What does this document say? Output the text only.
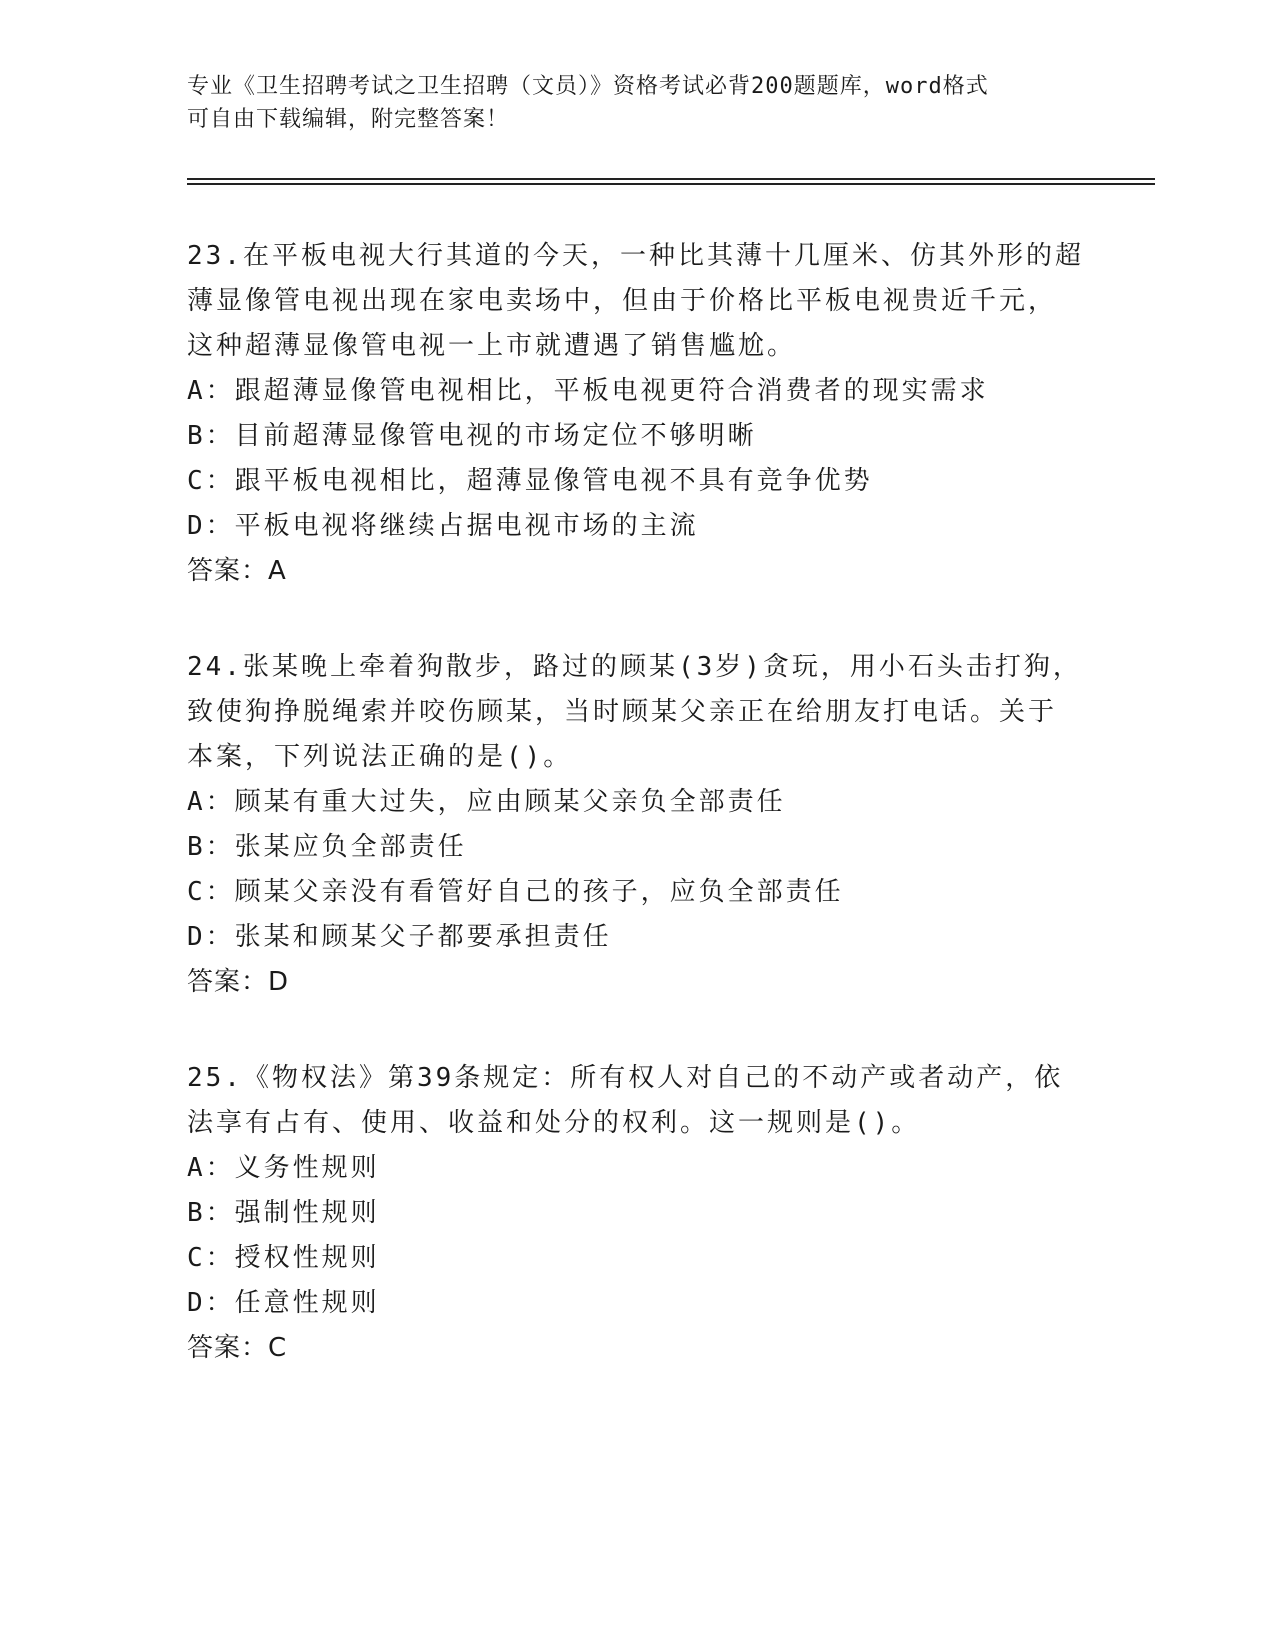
专业《卫生招聘考试之卫生招聘（文员）》资格考试必背200题题库，word格式
可自由下载编辑，附完整答案！

23.在平板电视大行其道的今天，一种比其薄十几厘米、仿其外形的超

薄显像管电视出现在家电卖场中，但由于价格比平板电视贵近千元，

这种超薄显像管电视一上市就遭遇了销售尴尬。

A：跟超薄显像管电视相比，平板电视更符合消费者的现实需求

B：目前超薄显像管电视的市场定位不够明晰

C：跟平板电视相比，超薄显像管电视不具有竞争优势

D：平板电视将继续占据电视市场的主流

答案：A

24.张某晚上牵着狗散步，路过的顾某(3岁)贪玩，用小石头击打狗，

致使狗挣脱绳索并咬伤顾某，当时顾某父亲正在给朋友打电话。关于

本案，下列说法正确的是()。

A：顾某有重大过失，应由顾某父亲负全部责任

B：张某应负全部责任

C：顾某父亲没有看管好自己的孩子，应负全部责任

D：张某和顾某父子都要承担责任

答案：D

25.《物权法》第39条规定：所有权人对自己的不动产或者动产，依

法享有占有、使用、收益和处分的权利。这一规则是()。

A：义务性规则

B：强制性规则

C：授权性规则

D：任意性规则

答案：C
